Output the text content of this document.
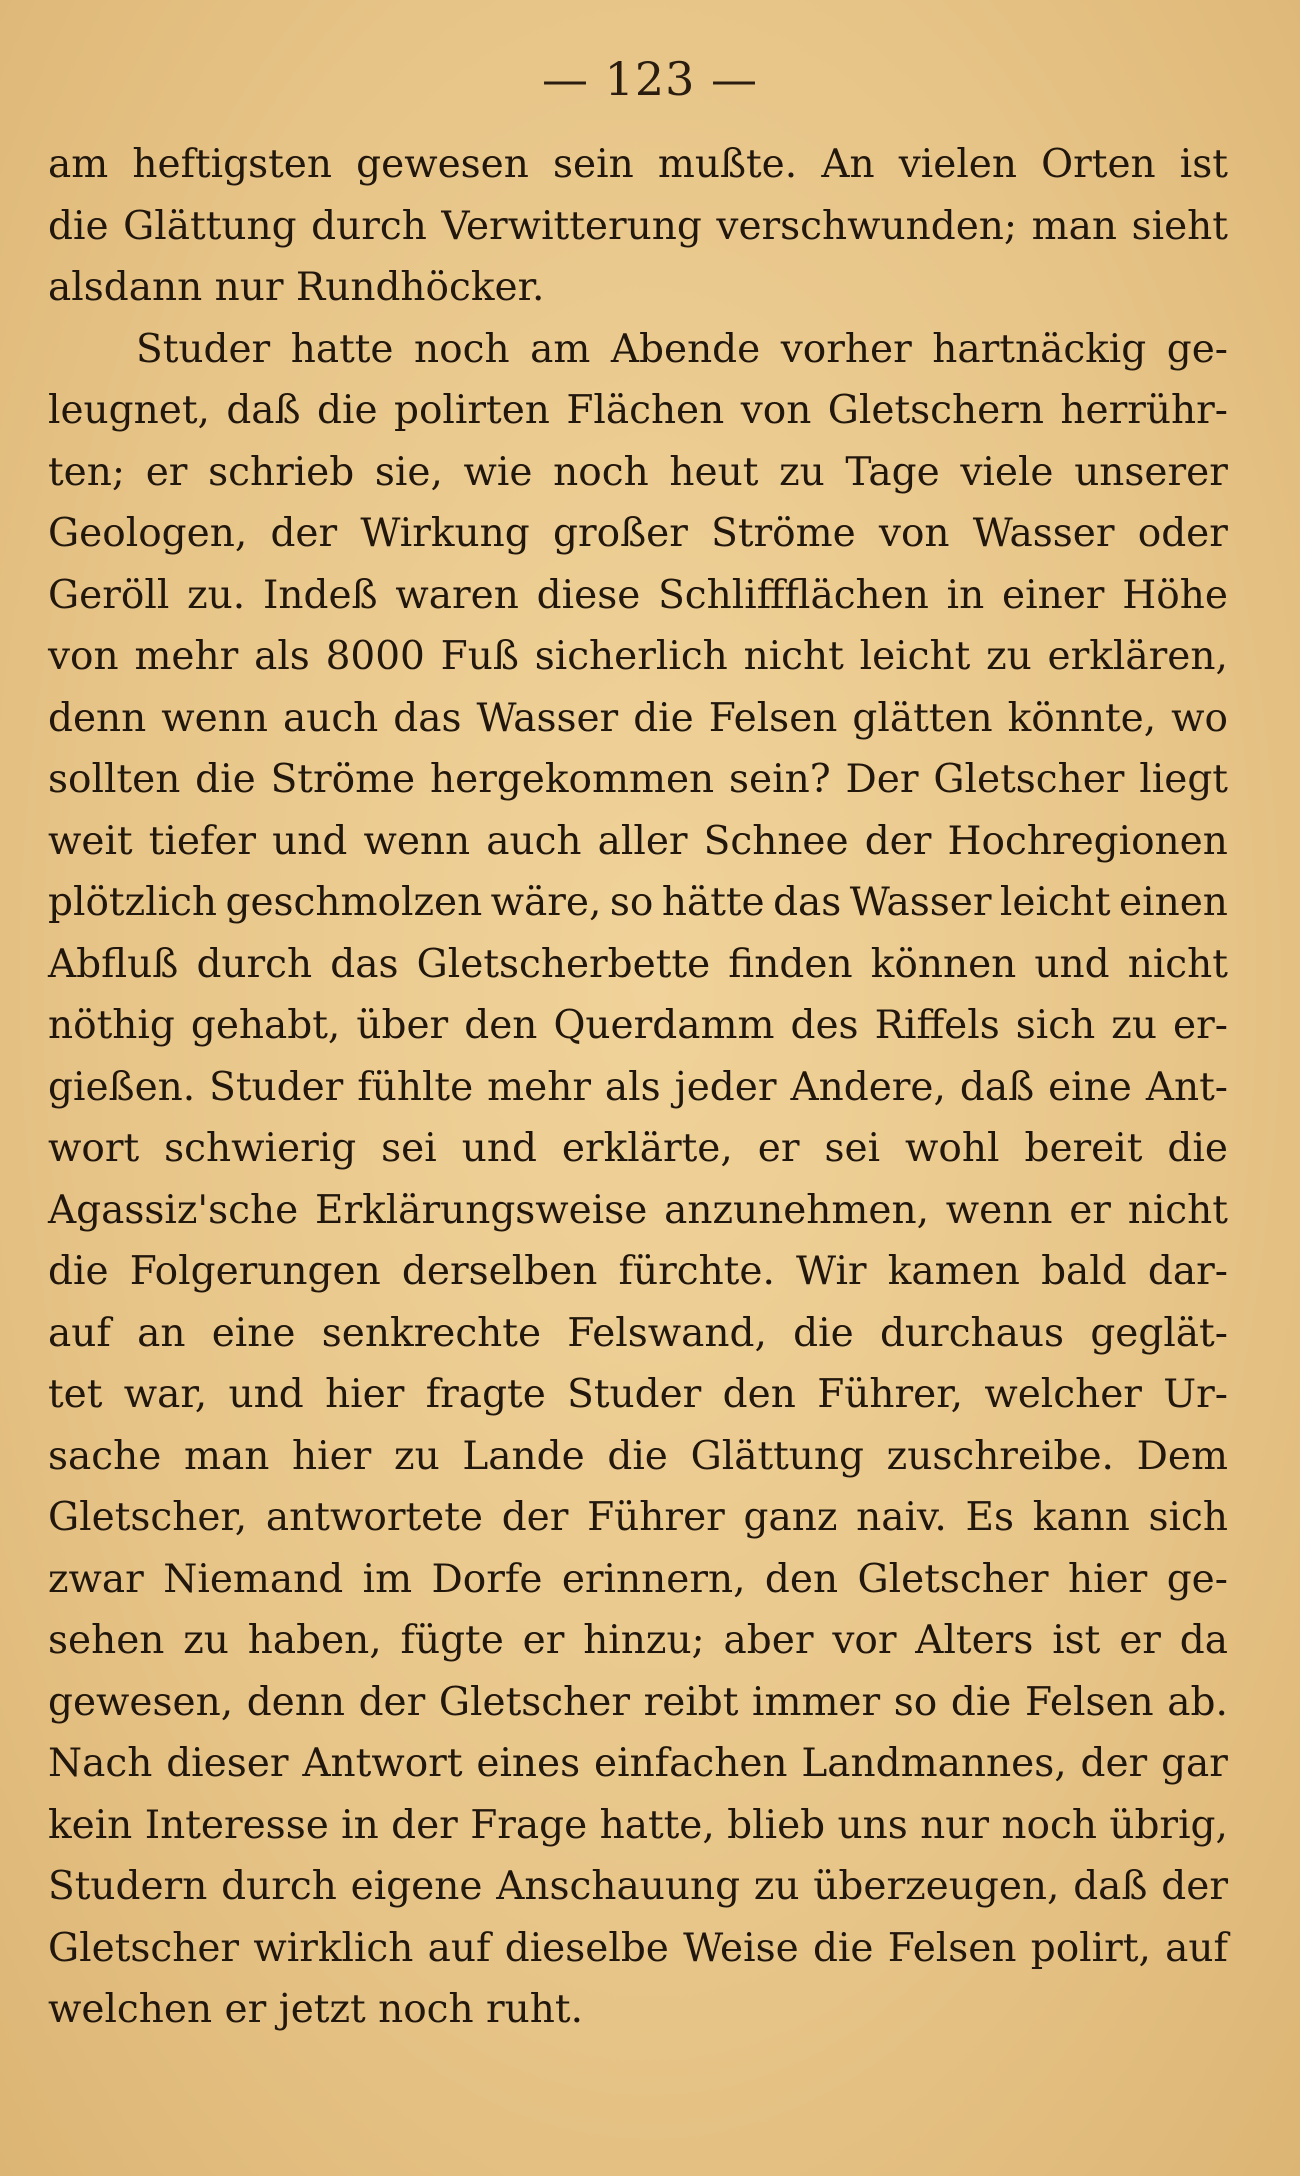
— 123 —
am heftigsten gewesen sein mußte. An vielen Orten ist
die Glättung durch Verwitterung verschwunden; man sieht
alsdann nur Rundhöcker.
Studer hatte noch am Abende vorher hartnäckig ge-
leugnet, daß die polirten Flächen von Gletschern herrühr-
ten; er schrieb sie, wie noch heut zu Tage viele unserer
Geologen, der Wirkung großer Ströme von Wasser oder
Geröll zu. Indeß waren diese Schliffflächen in einer Höhe
von mehr als 8000 Fuß sicherlich nicht leicht zu erklären,
denn wenn auch das Wasser die Felsen glätten könnte, wo
sollten die Ströme hergekommen sein? Der Gletscher liegt
weit tiefer und wenn auch aller Schnee der Hochregionen
plötzlich geschmolzen wäre, so hätte das Wasser leicht einen
Abfluß durch das Gletscherbette finden können und nicht
nöthig gehabt, über den Querdamm des Riffels sich zu er-
gießen. Studer fühlte mehr als jeder Andere, daß eine Ant-
wort schwierig sei und erklärte, er sei wohl bereit die
Agassiz'sche Erklärungsweise anzunehmen, wenn er nicht
die Folgerungen derselben fürchte. Wir kamen bald dar-
auf an eine senkrechte Felswand, die durchaus geglät-
tet war, und hier fragte Studer den Führer, welcher Ur-
sache man hier zu Lande die Glättung zuschreibe. Dem
Gletscher, antwortete der Führer ganz naiv. Es kann sich
zwar Niemand im Dorfe erinnern, den Gletscher hier ge-
sehen zu haben, fügte er hinzu; aber vor Alters ist er da
gewesen, denn der Gletscher reibt immer so die Felsen ab.
Nach dieser Antwort eines einfachen Landmannes, der gar
kein Interesse in der Frage hatte, blieb uns nur noch übrig,
Studern durch eigene Anschauung zu überzeugen, daß der
Gletscher wirklich auf dieselbe Weise die Felsen polirt, auf
welchen er jetzt noch ruht.
